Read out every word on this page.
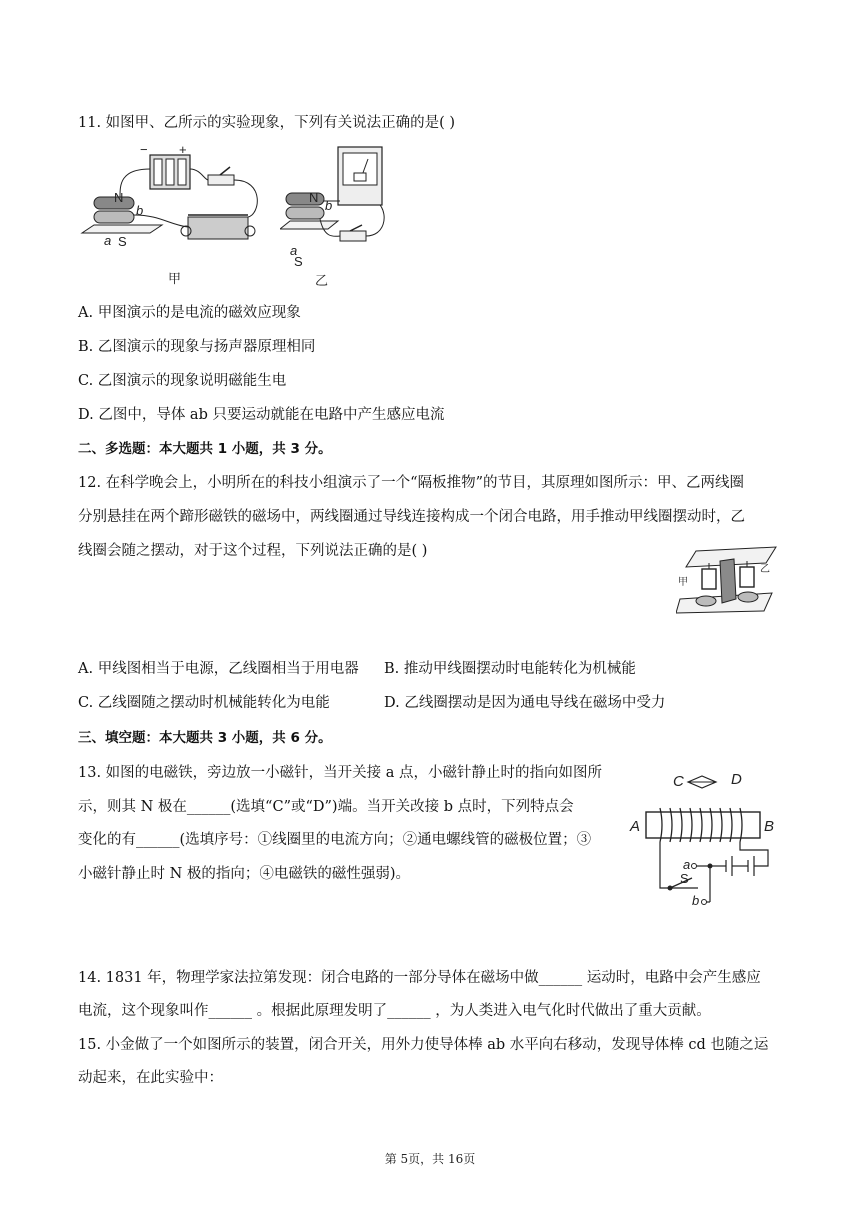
11. 如图甲、乙所示的实验现象，下列有关说法正确的是( )
− +
N
b
a S
甲
N
b
a
S
乙
A. 甲图演示的是电流的磁效应现象
B. 乙图演示的现象与扬声器原理相同
C. 乙图演示的现象说明磁能生电
D. 乙图中，导体 ab 只要运动就能在电路中产生感应电流
二、多选题：本大题共 1 小题，共 3 分。
12. 在科学晚会上，小明所在的科技小组演示了一个“隔板推物”的节目，其原理如图所示：甲、乙两线圈
分别悬挂在两个蹄形磁铁的磁场中，两线圈通过导线连接构成一个闭合电路，用手推动甲线圈摆动时，乙
线圈会随之摆动，对于这个过程，下列说法正确的是( )
甲
乙
A. 甲线图相当于电源，乙线圈相当于用电器 B. 推动甲线圈摆动时电能转化为机械能
C. 乙线圈随之摆动时机械能转化为电能	D. 乙线圈摆动是因为通电导线在磁场中受力
三、填空题：本大题共 3 小题，共 6 分。
13. 如图的电磁铁，旁边放一小磁针，当开关接 a 点，小磁针静止时的指向如图所
示，则其 N 极在______(选填“C”或“D”)端。当开关改接 b 点时，下列特点会
变化的有______(选填序号：①线圈里的电流方向；②通电螺线管的磁极位置；③
小磁针静止时 N 极的指向；④电磁铁的磁性强弱)。
C	D
A	B
a
S
b
14. 1831 年，物理学家法拉第发现：闭合电路的一部分导体在磁场中做______ 运动时，电路中会产生感应
电流，这个现象叫作______ 。根据此原理发明了______ ，为人类进入电气化时代做出了重大贡献。
15. 小金做了一个如图所示的装置，闭合开关，用外力使导体棒 ab 水平向右移动，发现导体棒 cd 也随之运
动起来，在此实验中：
第 5页，共 16页
